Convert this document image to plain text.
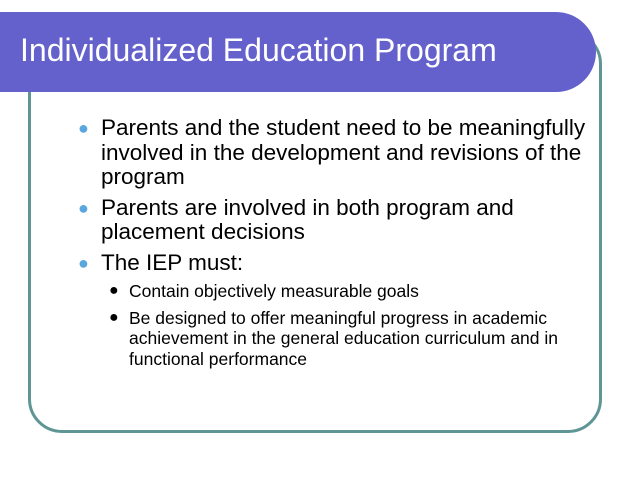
Individualized Education Program
● Parents and the student need to be meaningfully involved in the development and revisions of the program
● Parents are involved in both program and placement decisions
● The IEP must:
● Contain objectively measurable goals
● Be designed to offer meaningful progress in academic achievement in the general education curriculum and in functional performance
